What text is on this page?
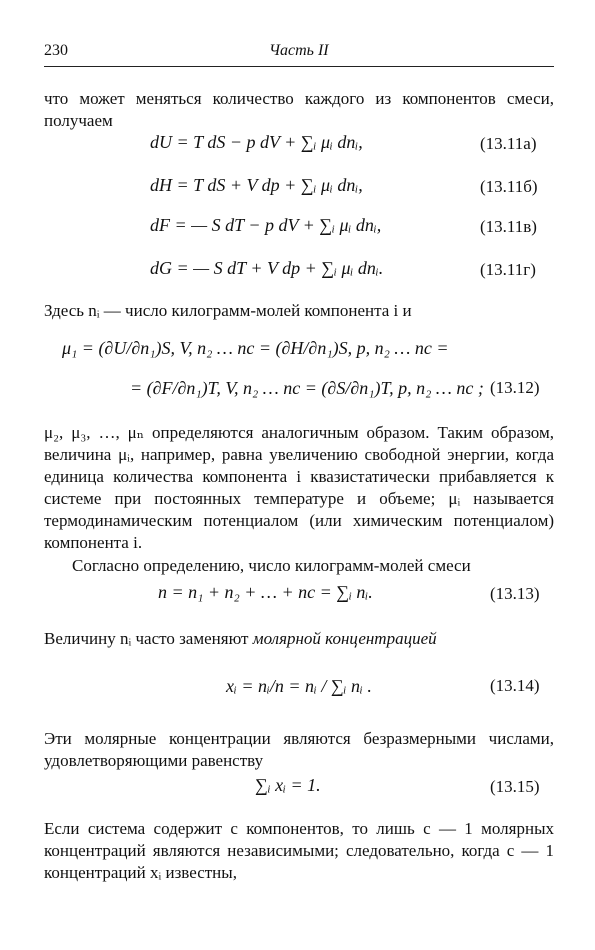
230	Часть II
что может меняться количество каждого из компонентов смеси, получаем
dU = T dS − p dV + ∑ᵢ μᵢ dnᵢ,	(13.11а)
dH = T dS + V dp + ∑ᵢ μᵢ dnᵢ,	(13.11б)
dF = — S dT − p dV + ∑ᵢ μᵢ dnᵢ,	(13.11в)
dG = — S dT + V dp + ∑ᵢ μᵢ dnᵢ.	(13.11г)
Здесь nᵢ — число килограмм-молей компонента i и
μ₁ = (∂U/∂n₁)S, V, n₂ … nc = (∂H/∂n₁)S, p, n₂ … nc =
= (∂F/∂n₁)T, V, n₂ … nc = (∂S/∂n₁)T, p, n₂ … nc ; (13.12)
μ₂, μ₃, …, μₙ определяются аналогичным образом. Таким образом, величина μᵢ, например, равна увеличению свободной энергии, когда единица количества компонента i квазистатически прибавляется к системе при постоянных температуре и объеме; μᵢ называется термодинамическим потенциалом (или химическим потенциалом) компонента i.
Согласно определению, число килограмм-молей смеси
n = n₁ + n₂ + … + nc = ∑ᵢ nᵢ.	(13.13)
Величину nᵢ часто заменяют молярной концентрацией
xᵢ = nᵢ/n = nᵢ / ∑ᵢ nᵢ .	(13.14)
Эти молярные концентрации являются безразмерными числами, удовлетворяющими равенству
∑ᵢ xᵢ = 1.	(13.15)
Если система содержит c компонентов, то лишь c — 1 молярных концентраций являются независимыми; следовательно, когда c — 1 концентраций xᵢ известны,
